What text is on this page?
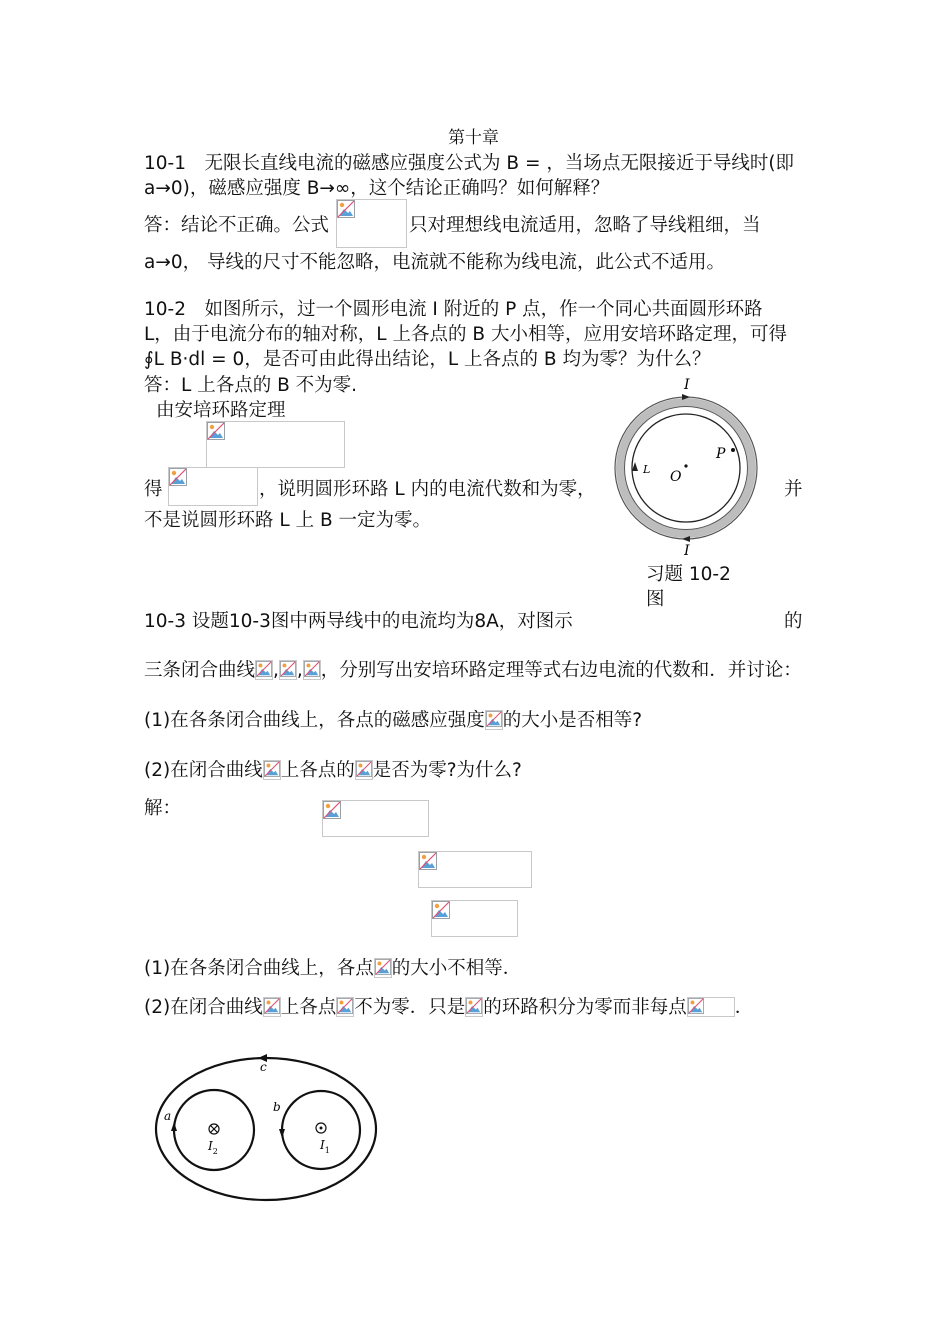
第十章
10-1　无限长直线电流的磁感应强度公式为 B = ，当场点无限接近于导线时(即
a→0)，磁感应强度 B→∞，这个结论正确吗？如何解释？
答：结论不正确。公式	只对理想线电流适用，忽略了导线粗细，当
a→0， 导线的尺寸不能忽略，电流就不能称为线电流，此公式不适用。
10-2　如图所示，过一个圆形电流 I 附近的 P 点，作一个同心共面圆形环路
L，由于电流分布的轴对称，L 上各点的 B 大小相等，应用安培环路定理，可得
∮L B·dl = 0，是否可由此得出结论，L 上各点的 B 均为零？为什么？
答：L 上各点的 B 不为零.
由安培环路定理
得	，说明圆形环路 L 内的电流代数和为零，	并
不是说圆形环路 L 上 B 一定为零。
I
I
P
O
L
习题 10-2
图
10-3 设题10-3图中两导线中的电流均为8A，对图示	的
三条闭合曲线 , , ，分别写出安培环路定理等式右边电流的代数和．并讨论：
(1)在各条闭合曲线上，各点的磁感应强度 的大小是否相等?
(2)在闭合曲线 上各点的 是否为零?为什么?
解：
(1)在各条闭合曲线上，各点 的大小不相等．
(2)在闭合曲线 上各点 不为零．只是 的环路积分为零而非每点	．
c
a
b
$I_2$	$I_1$
